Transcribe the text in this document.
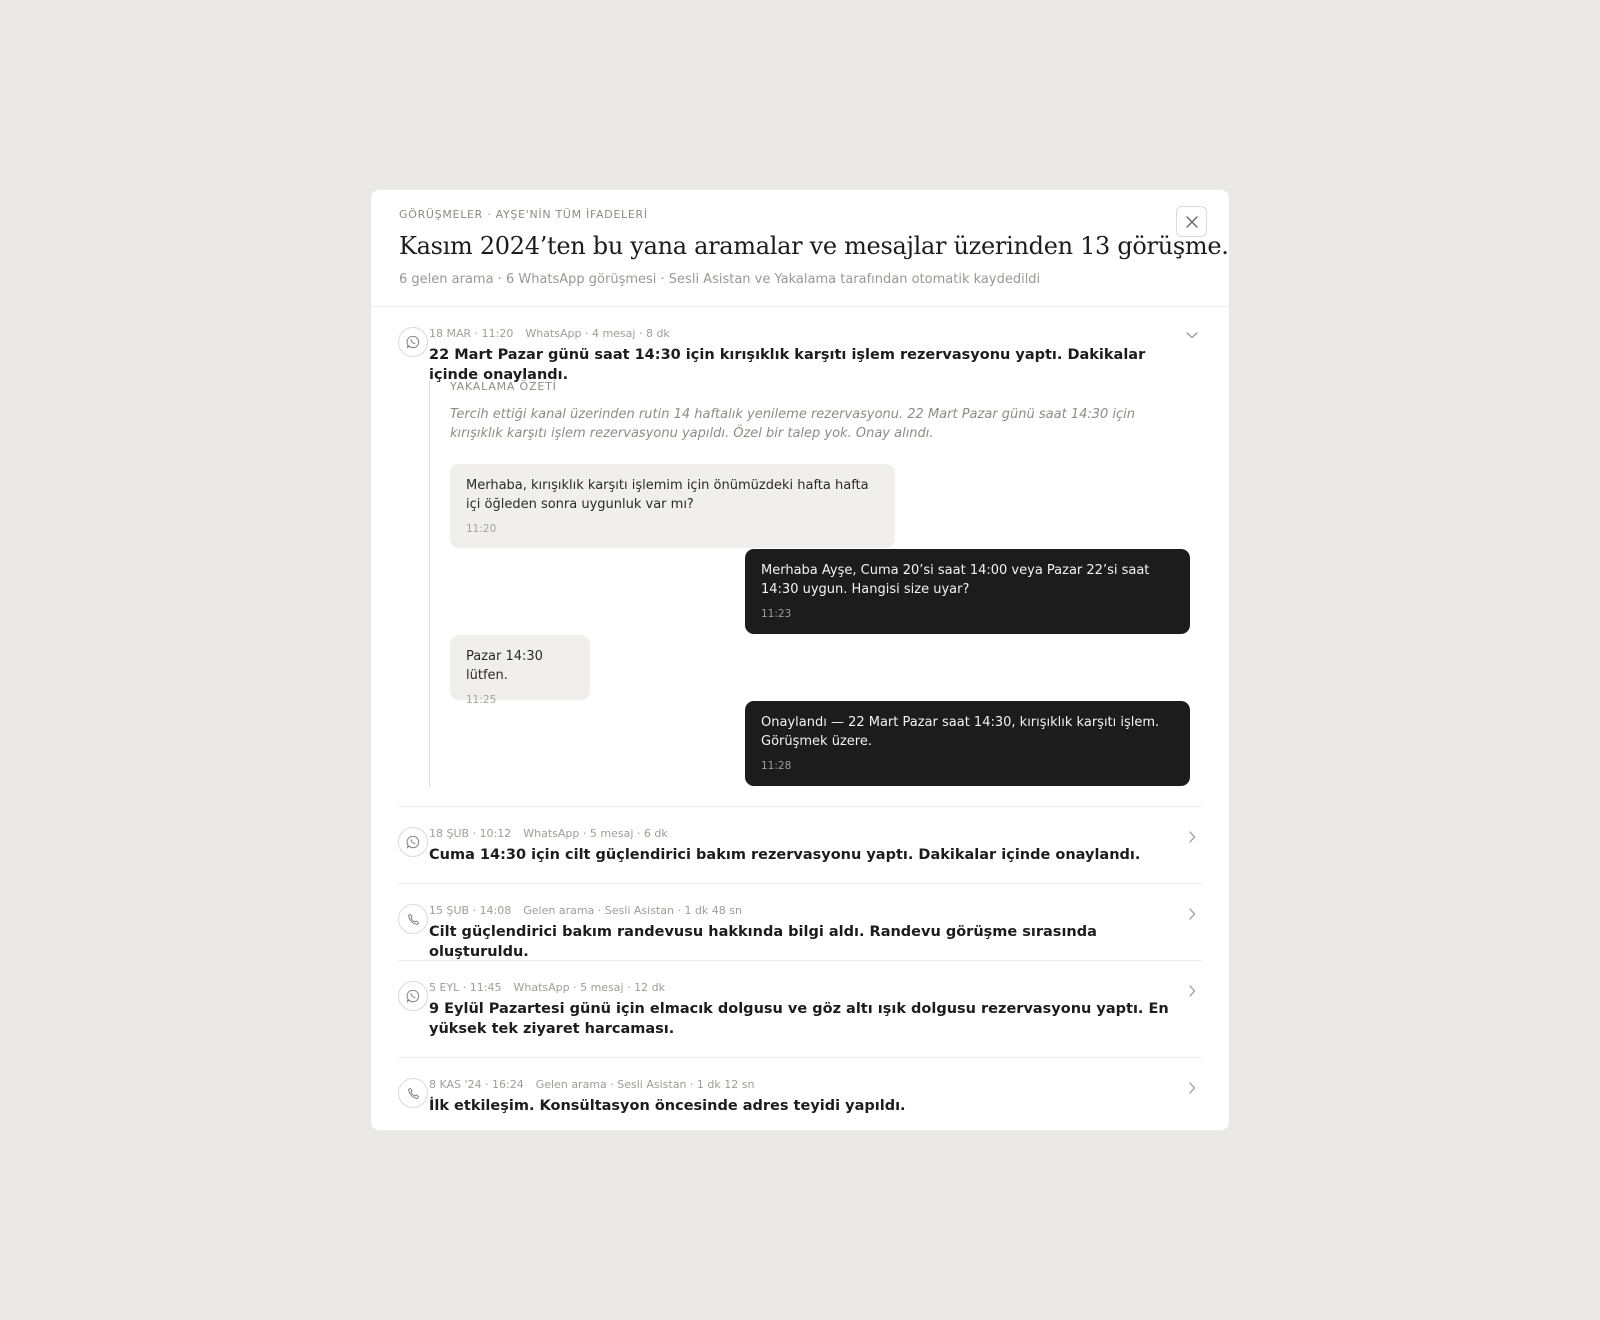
GÖRÜŞMELER · AYŞE'NİN TÜM İFADELERİ
Kasım 2024’ten bu yana aramalar ve mesajlar üzerinden 13 görüşme.
6 gelen arama · 6 WhatsApp görüşmesi · Sesli Asistan ve Yakalama tarafından otomatik kaydedildi
18 MAR · 11:20 WhatsApp · 4 mesaj · 8 dk
22 Mart Pazar günü saat 14:30 için kırışıklık karşıtı işlem rezervasyonu yaptı. Dakikalar içinde onaylandı.
YAKALAMA ÖZETİ
Tercih ettiği kanal üzerinden rutin 14 haftalık yenileme rezervasyonu. 22 Mart Pazar günü saat 14:30 için kırışıklık karşıtı işlem rezervasyonu yapıldı. Özel bir talep yok. Onay alındı.
Merhaba, kırışıklık karşıtı işlemim için önümüzdeki hafta hafta içi öğleden sonra uygunluk var mı?
11:20
Merhaba Ayşe, Cuma 20’si saat 14:00 veya Pazar 22’si saat 14:30 uygun. Hangisi size uyar?
11:23
Pazar 14:30 lütfen.
11:25
Onaylandı — 22 Mart Pazar saat 14:30, kırışıklık karşıtı işlem. Görüşmek üzere.
11:28
18 ŞUB · 10:12 WhatsApp · 5 mesaj · 6 dk
Cuma 14:30 için cilt güçlendirici bakım rezervasyonu yaptı. Dakikalar içinde onaylandı.
15 ŞUB · 14:08 Gelen arama · Sesli Asistan · 1 dk 48 sn
Cilt güçlendirici bakım randevusu hakkında bilgi aldı. Randevu görüşme sırasında oluşturuldu.
5 EYL · 11:45 WhatsApp · 5 mesaj · 12 dk
9 Eylül Pazartesi günü için elmacık dolgusu ve göz altı ışık dolgusu rezervasyonu yaptı. En yüksek tek ziyaret harcaması.
8 KAS '24 · 16:24 Gelen arama · Sesli Asistan · 1 dk 12 sn
İlk etkileşim. Konsültasyon öncesinde adres teyidi yapıldı.
